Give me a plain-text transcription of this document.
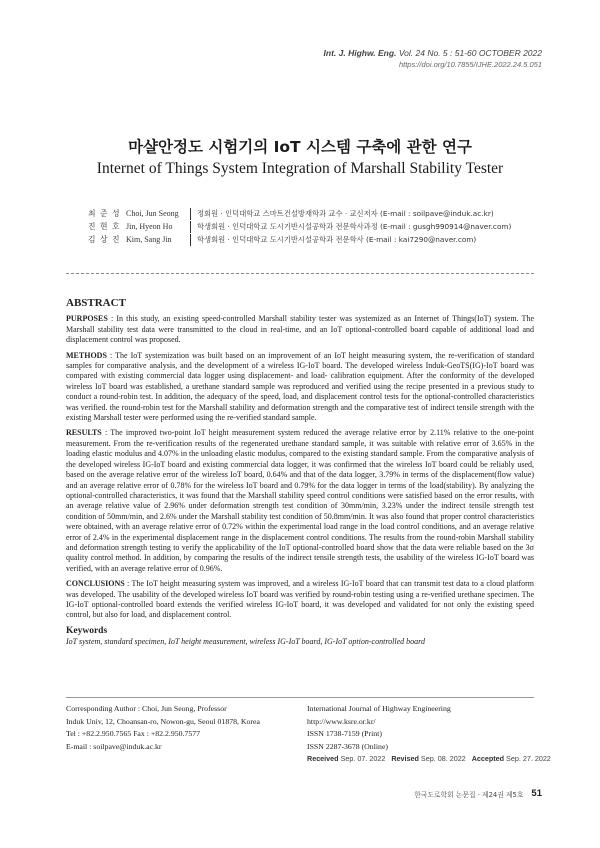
Int. J. Highw. Eng. Vol. 24 No. 5 : 51-60 OCTOBER 2022
https://doi.org/10.7855/IJHE.2022.24.5.051
마샬안정도 시험기의 IoT 시스템 구축에 관한 연구
Internet of Things System Integration of Marshall Stability Tester
최 준 성 Choi, Jun Seong	정회원 · 인덕대학교 스마트건설방재학과 교수 · 교신저자 (E-mail : soilpave@induk.ac.kr)
진 현 호 Jin, Hyeon Ho	학생회원 · 인덕대학교 도시기반시설공학과 전문학사과정 (E-mail : gusgh990914@naver.com)
김 상 진 Kim, Sang Jin	학생회원 · 인덕대학교 도시기반시설공학과 전문학사 (E-mail : kai7290@naver.com)
ABSTRACT

PURPOSES : In this study, an existing speed-controlled Marshall stability tester was systemized as an Internet of Things(IoT) system. The Marshall stability test data were transmitted to the cloud in real-time, and an IoT optional-controlled board capable of additional load and displacement control was proposed.

METHODS : The IoT systemization was built based on an improvement of an IoT height measuring system, the re-verification of standard samples for comparative analysis, and the development of a wireless IG-IoT board. The developed wireless Induk-GeoTS(IG)-IoT board was compared with existing commercial data logger using displacement- and load- calibration equipment. After the conformity of the developed wireless IoT board was established, a urethane standard sample was reproduced and verified using the recipe presented in a previous study to conduct a round-robin test. In addition, the adequacy of the speed, load, and displacement control tests for the optional-controlled characteristics was verified. the round-robin test for the Marshall stability and deformation strength and the comparative test of indirect tensile strength with the existing Marshall tester were performed using the re-verified standard sample.

RESULTS : The improved two-point IoT height measurement system reduced the average relative error by 2.11% relative to the one-point measurement. From the re-verification results of the regenerated urethane standard sample, it was suitable with relative error of 3.65% in the loading elastic modulus and 4.07% in the unloading elastic modulus, compared to the existing standard sample. From the comparative analysis of the developed wireless IG-IoT board and existing commercial data logger, it was confirmed that the wireless IoT board could be reliably used, based on the average relative error of the wireless IoT board, 0.64% and that of the data logger, 3.79% in terms of the displacement(flow value) and an average relative error of 0.78% for the wireless IoT board and 0.79% for the data logger in terms of the load(stability). By analyzing the optional-controlled characteristics, it was found that the Marshall stability speed control conditions were satisfied based on the error results, with an average relative value of 2.96% under deformation strength test condition of 30mm/min, 3.23% under the indirect tensile strength test condition of 50mm/min, and 2.6% under the Marshall stability test condition of 50.8mm/min. It was also found that proper control characteristics were obtained, with an average relative error of 0.72% within the experimental load range in the load control conditions, and an average relative error of 2.4% in the experimental displacement range in the displacement control conditions. The results from the round-robin Marshall stability and deformation strength testing to verify the applicability of the IoT optional-controlled board show that the data were reliable based on the 3σ quality control method. In addition, by comparing the results of the indirect tensile strength tests, the usability of the wireless IG-IoT board was verified, with an average relative error of 0.96%.

CONCLUSIONS : The IoT height measuring system was improved, and a wireless IG-IoT board that can transmit test data to a cloud platform was developed. The usability of the developed wireless IoT board was verified by round-robin testing using a re-verified urethane specimen. The IG-IoT optional-controlled board extends the verified wireless IG-IoT board, it was developed and validated for not only the existing speed control, but also for load, and displacement control.

Keywords
IoT system, standard specimen, IoT height measurement, wireless IG-IoT board, IG-IoT option-controlled board
Corresponding Author : Choi, Jun Seong, Professor
Induk Univ, 12, Choansan-ro, Nowon-gu, Seoul 01878, Korea
Tel : +82.2.950.7565 Fax : +82.2.950.7577
E-mail : soilpave@induk.ac.kr
International Journal of Highway Engineering
http://www.ksre.or.kr/
ISSN 1738-7159 (Print)
ISSN 2287-3678 (Online)
Received Sep. 07. 2022 Revised Sep. 08. 2022 Accepted Sep. 27. 2022
한국도로학회 논문집 · 제24권 제5호 51
